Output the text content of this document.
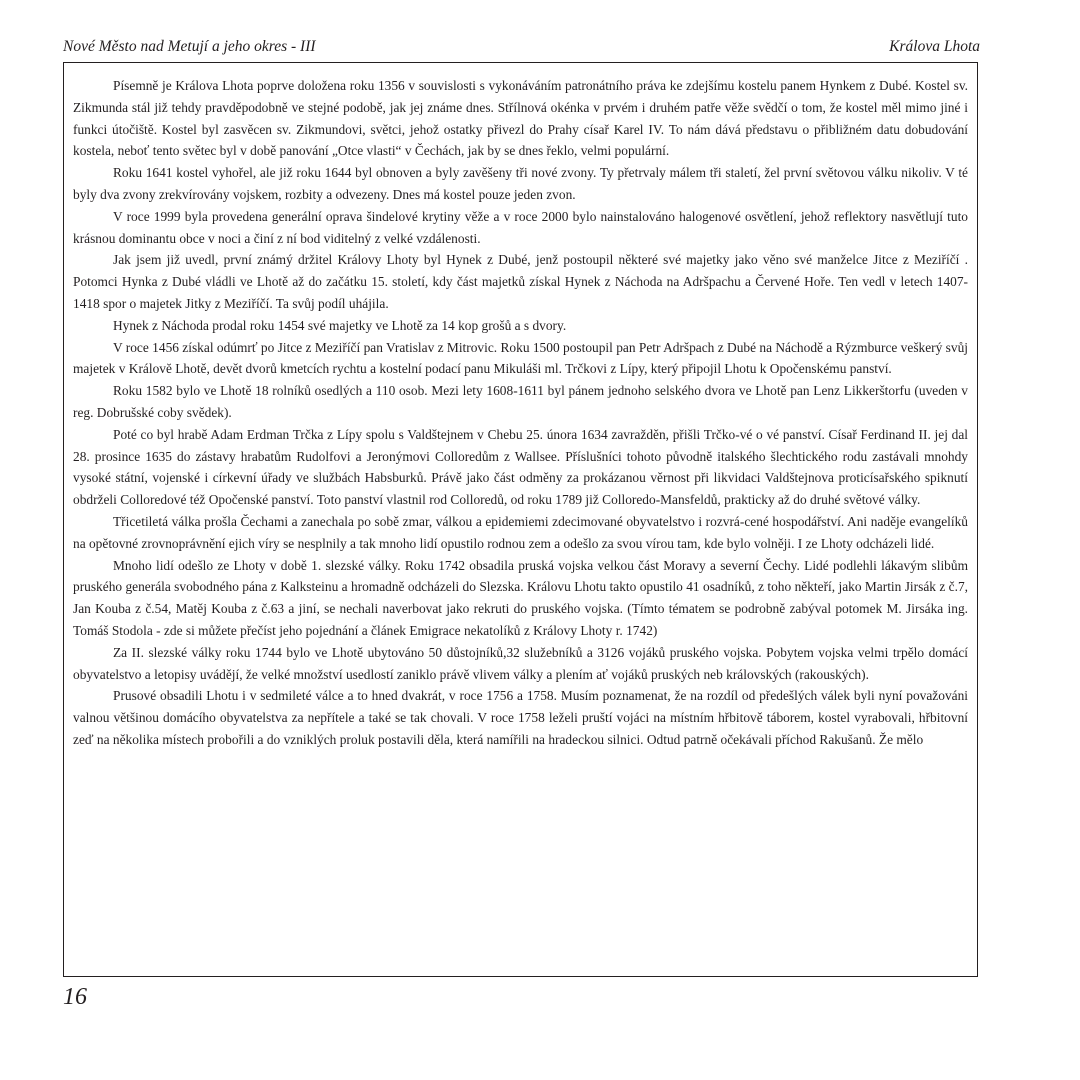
Nové Město nad Metují a jeho okres - III	Králova Lhota

Písemně je Králova Lhota poprve doložena roku 1356 v souvislosti s vykonáváním patronátního práva ke zdejšímu kostelu panem Hynkem z Dubé. Kostel sv. Zikmunda stál již tehdy pravděpodobně ve stejné podobě, jak jej známe dnes. Střílnová okénka v prvém i druhém patře věže svědčí o tom, že kostel měl mimo jiné i funkci útočiště. Kostel byl zasvěcen sv. Zikmundovi, světci, jehož ostatky přivezl do Prahy císař Karel IV. To nám dává představu o přibližném datu dobudování kostela, neboť tento světec byl v době panování „Otce vlasti“ v Čechách, jak by se dnes řeklo, velmi populární.

Roku 1641 kostel vyhořel, ale již roku 1644 byl obnoven a byly zavěšeny tři nové zvony. Ty přetrvaly málem tři staletí, žel první světovou válku nikoliv. V té byly dva zvony zrekvírovány vojskem, rozbity a odvezeny. Dnes má kostel pouze jeden zvon.

V roce 1999 byla provedena generální oprava šindelové krytiny věže a v roce 2000 bylo nainstalováno halogenové osvětlení, jehož reflektory nasvětlují tuto krásnou dominantu obce v noci a činí z ní bod viditelný z velké vzdálenosti.

Jak jsem již uvedl, první známý držitel Královy Lhoty byl Hynek z Dubé, jenž postoupil některé své majetky jako věno své manželce Jitce z Meziříčí . Potomci Hynka z Dubé vládli ve Lhotě až do začátku 15. století, kdy část majetků získal Hynek z Náchoda na Adršpachu a Červené Hoře. Ten vedl v letech 1407-1418 spor o majetek Jitky z Meziříčí. Ta svůj podíl uhájila.

Hynek z Náchoda prodal roku 1454 své majetky ve Lhotě za 14 kop grošů a s dvory.

V roce 1456 získal odúmrť po Jitce z Meziříčí pan Vratislav z Mitrovic. Roku 1500 postoupil pan Petr Adršpach z Dubé na Náchodě a Rýzmburce veškerý svůj majetek v Královĕ Lhotě, devět dvorů kmetcích rychtu a kostelní podací panu Mikuláši ml. Trčkovi z Lípy, který připojil Lhotu k Opočenskému panství.

Roku 1582 bylo ve Lhotě 18 rolníků osedlých a 110 osob. Mezi lety 1608-1611 byl pánem jednoho selského dvora ve Lhotě pan Lenz Likkerštorfu (uveden v reg. Dobrušské coby svědek).

Poté co byl hrabě Adam Erdman Trčka z Lípy spolu s Valdštejnem v Chebu 25. února 1634 zavražděn, přišli Trčko-vé o vé panství. Císař Ferdinand II. jej dal 28. prosince 1635 do zástavy hrabatům Rudolfovi a Jeronýmovi Colloredům z Wallsee. Příslušníci tohoto původně italského šlechtického rodu zastávali mnohdy vysoké státní, vojenské i církevní úřady ve službách Habsburků. Právě jako část odměny za prokázanou věrnost při likvidaci Valdštejnova proticísařského spiknutí obdrželi Colloredové též Opočenské panství. Toto panství vlastnil rod Colloredů, od roku 1789 již Colloredo-Mansfeldů, prakticky až do druhé světové války.

Třicetiletá válka prošla Čechami a zanechala po sobě zmar, válkou a epidemiemi zdecimované obyvatelstvo i rozvrá-cené hospodářství. Ani naděje evangelíků na opětovné zrovnoprávnění ejich víry se nesplnily a tak mnoho lidí opustilo rodnou zem a odešlo za svou vírou tam, kde bylo volněji. I ze Lhoty odcházeli lidé.

Mnoho lidí odešlo ze Lhoty v době 1. slezské války. Roku 1742 obsadila pruská vojska velkou část Moravy a severní Čechy. Lidé podlehli lákavým slibům pruského generála svobodného pána z Kalksteinu a hromadně odcházeli do Slezska. Královu Lhotu takto opustilo 41 osadníků, z toho někteří, jako Martin Jirsák z č.7, Jan Kouba z č.54, Matěj Kouba z č.63 a jiní, se nechali naverbovat jako rekruti do pruského vojska. (Tímto tématem se podrobně zabýval potomek M. Jirsáka ing. Tomáš Stodola - zde si můžete přečíst jeho pojednání a článek Emigrace nekatolíků z Královy Lhoty r. 1742)

Za II. slezské války roku 1744 bylo ve Lhotě ubytováno 50 důstojníků,32 služebníků a 3126 vojáků pruského vojska. Pobytem vojska velmi trpělo domácí obyvatelstvo a letopisy uvádějí, že velké množství usedlostí zaniklo právě vlivem války a plením ať vojáků pruských neb královských (rakouských).

Prusové obsadili Lhotu i v sedmileté válce a to hned dvakrát, v roce 1756 a 1758. Musím poznamenat, že na rozdíl od předešlých válek byli nyní považováni valnou většinou domácího obyvatelstva za nepřítele a také se tak chovali. V roce 1758 leželi pruští vojáci na místním hřbitově táborem, kostel vyrabovali, hřbitovní zeď na několika místech probořili a do vzniklých proluk postavili děla, která namířili na hradeckou silnici. Odtud patrně očekávali příchod Rakušanů. Že mělo

16
